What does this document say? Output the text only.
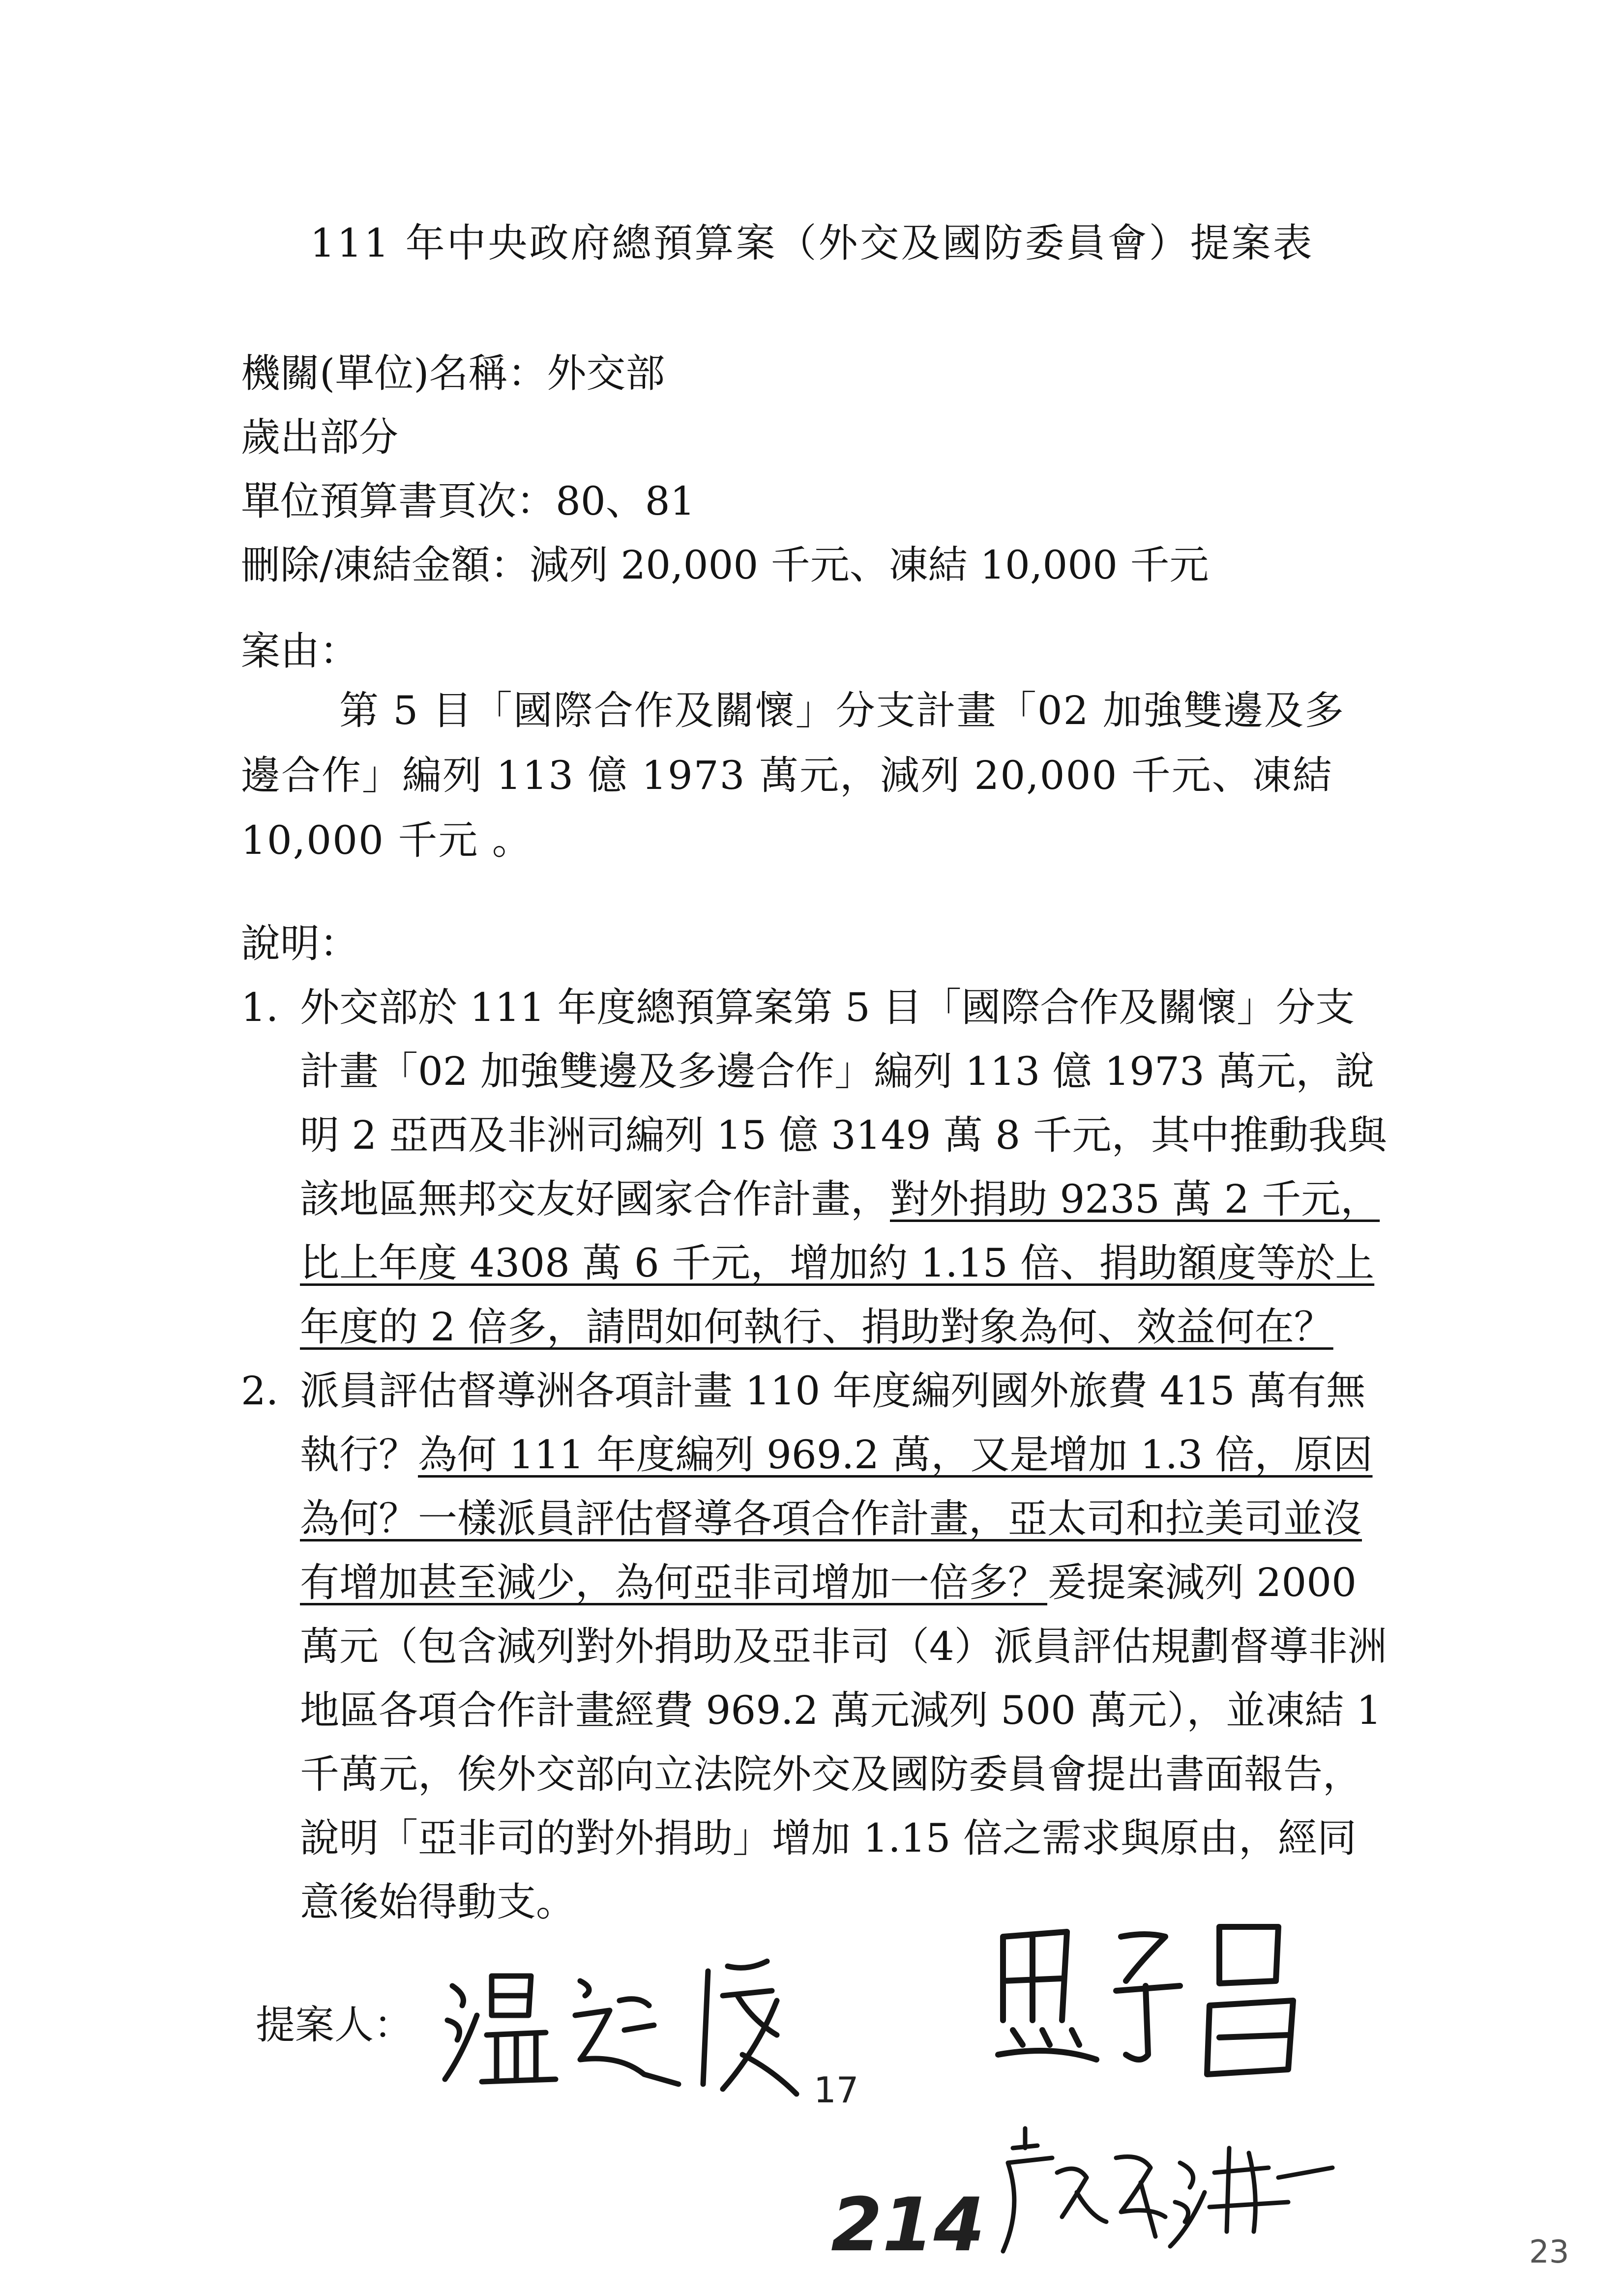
111 年中央政府總預算案（外交及國防委員會）提案表
機關(單位)名稱：外交部
歲出部分
單位預算書頁次：80、81
刪除/凍結金額：減列 20,000 千元、凍結 10,000 千元
案由：
第 5 目「國際合作及關懷」分支計畫「02 加強雙邊及多邊合作」編列 113 億 1973 萬元，減列 20,000 千元、凍結 10,000 千元 。
說明：

1. 外交部於 111 年度總預算案第 5 目「國際合作及關懷」分支計畫「02 加強雙邊及多邊合作」編列 113 億 1973 萬元，說明 2 亞西及非洲司編列 15 億 3149 萬 8 千元，其中推動我與該地區無邦交友好國家合作計畫，對外捐助 9235 萬 2 千元，比上年度 4308 萬 6 千元，增加約 1.15 倍、捐助額度等於上年度的 2 倍多，請問如何執行、捐助對象為何、效益何在？

2. 派員評估督導洲各項計畫 110 年度編列國外旅費 415 萬有無執行？為何 111 年度編列 969.2 萬，又是增加 1.3 倍，原因為何？一樣派員評估督導各項合作計畫，亞太司和拉美司並沒有增加甚至減少，為何亞非司增加一倍多？爰提案減列 2000 萬元（包含減列對外捐助及亞非司（4）派員評估規劃督導非洲地區各項合作計畫經費 969.2 萬元減列 500 萬元），並凍結 1 千萬元，俟外交部向立法院外交及國防委員會提出書面報告，說明「亞非司的對外捐助」增加 1.15 倍之需求與原由，經同意後始得動支。

提案人：
17
214	23
